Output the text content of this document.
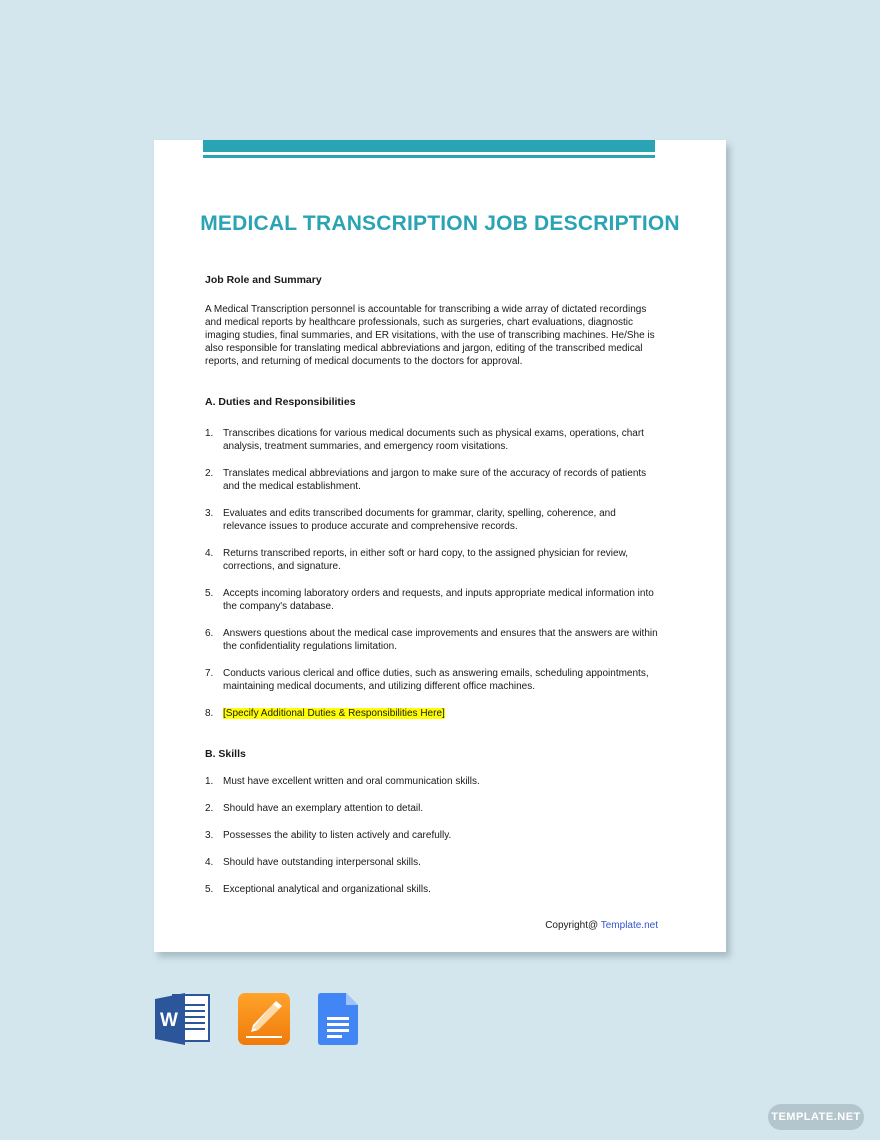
MEDICAL TRANSCRIPTION JOB DESCRIPTION

Job Role and Summary

A Medical Transcription personnel is accountable for transcribing a wide array of dictated recordings and medical reports by healthcare professionals, such as surgeries, chart evaluations, diagnostic imaging studies, final summaries, and ER visitations, with the use of transcribing machines. He/She is also responsible for translating medical abbreviations and jargon, editing of the transcribed medical reports, and returning of medical documents to the doctors for approval.

A. Duties and Responsibilities

1. Transcribes dications for various medical documents such as physical exams, operations, chart analysis, treatment summaries, and emergency room visitations.
2. Translates medical abbreviations and jargon to make sure of the accuracy of records of patients and the medical establishment.
3. Evaluates and edits transcribed documents for grammar, clarity, spelling, coherence, and relevance issues to produce accurate and comprehensive records.
4. Returns transcribed reports, in either soft or hard copy, to the assigned physician for review, corrections, and signature.
5. Accepts incoming laboratory orders and requests, and inputs appropriate medical information into the company's database.
6. Answers questions about the medical case improvements and ensures that the answers are within the confidentiality regulations limitation.
7. Conducts various clerical and office duties, such as answering emails, scheduling appointments, maintaining medical documents, and utilizing different office machines.
8. [Specify Additional Duties & Responsibilities Here]

B. Skills

1. Must have excellent written and oral communication skills.
2. Should have an exemplary attention to detail.
3. Possesses the ability to listen actively and carefully.
4. Should have outstanding interpersonal skills.
5. Exceptional analytical and organizational skills.
Copyright@ Template.net
W
TEMPLATE.NET
